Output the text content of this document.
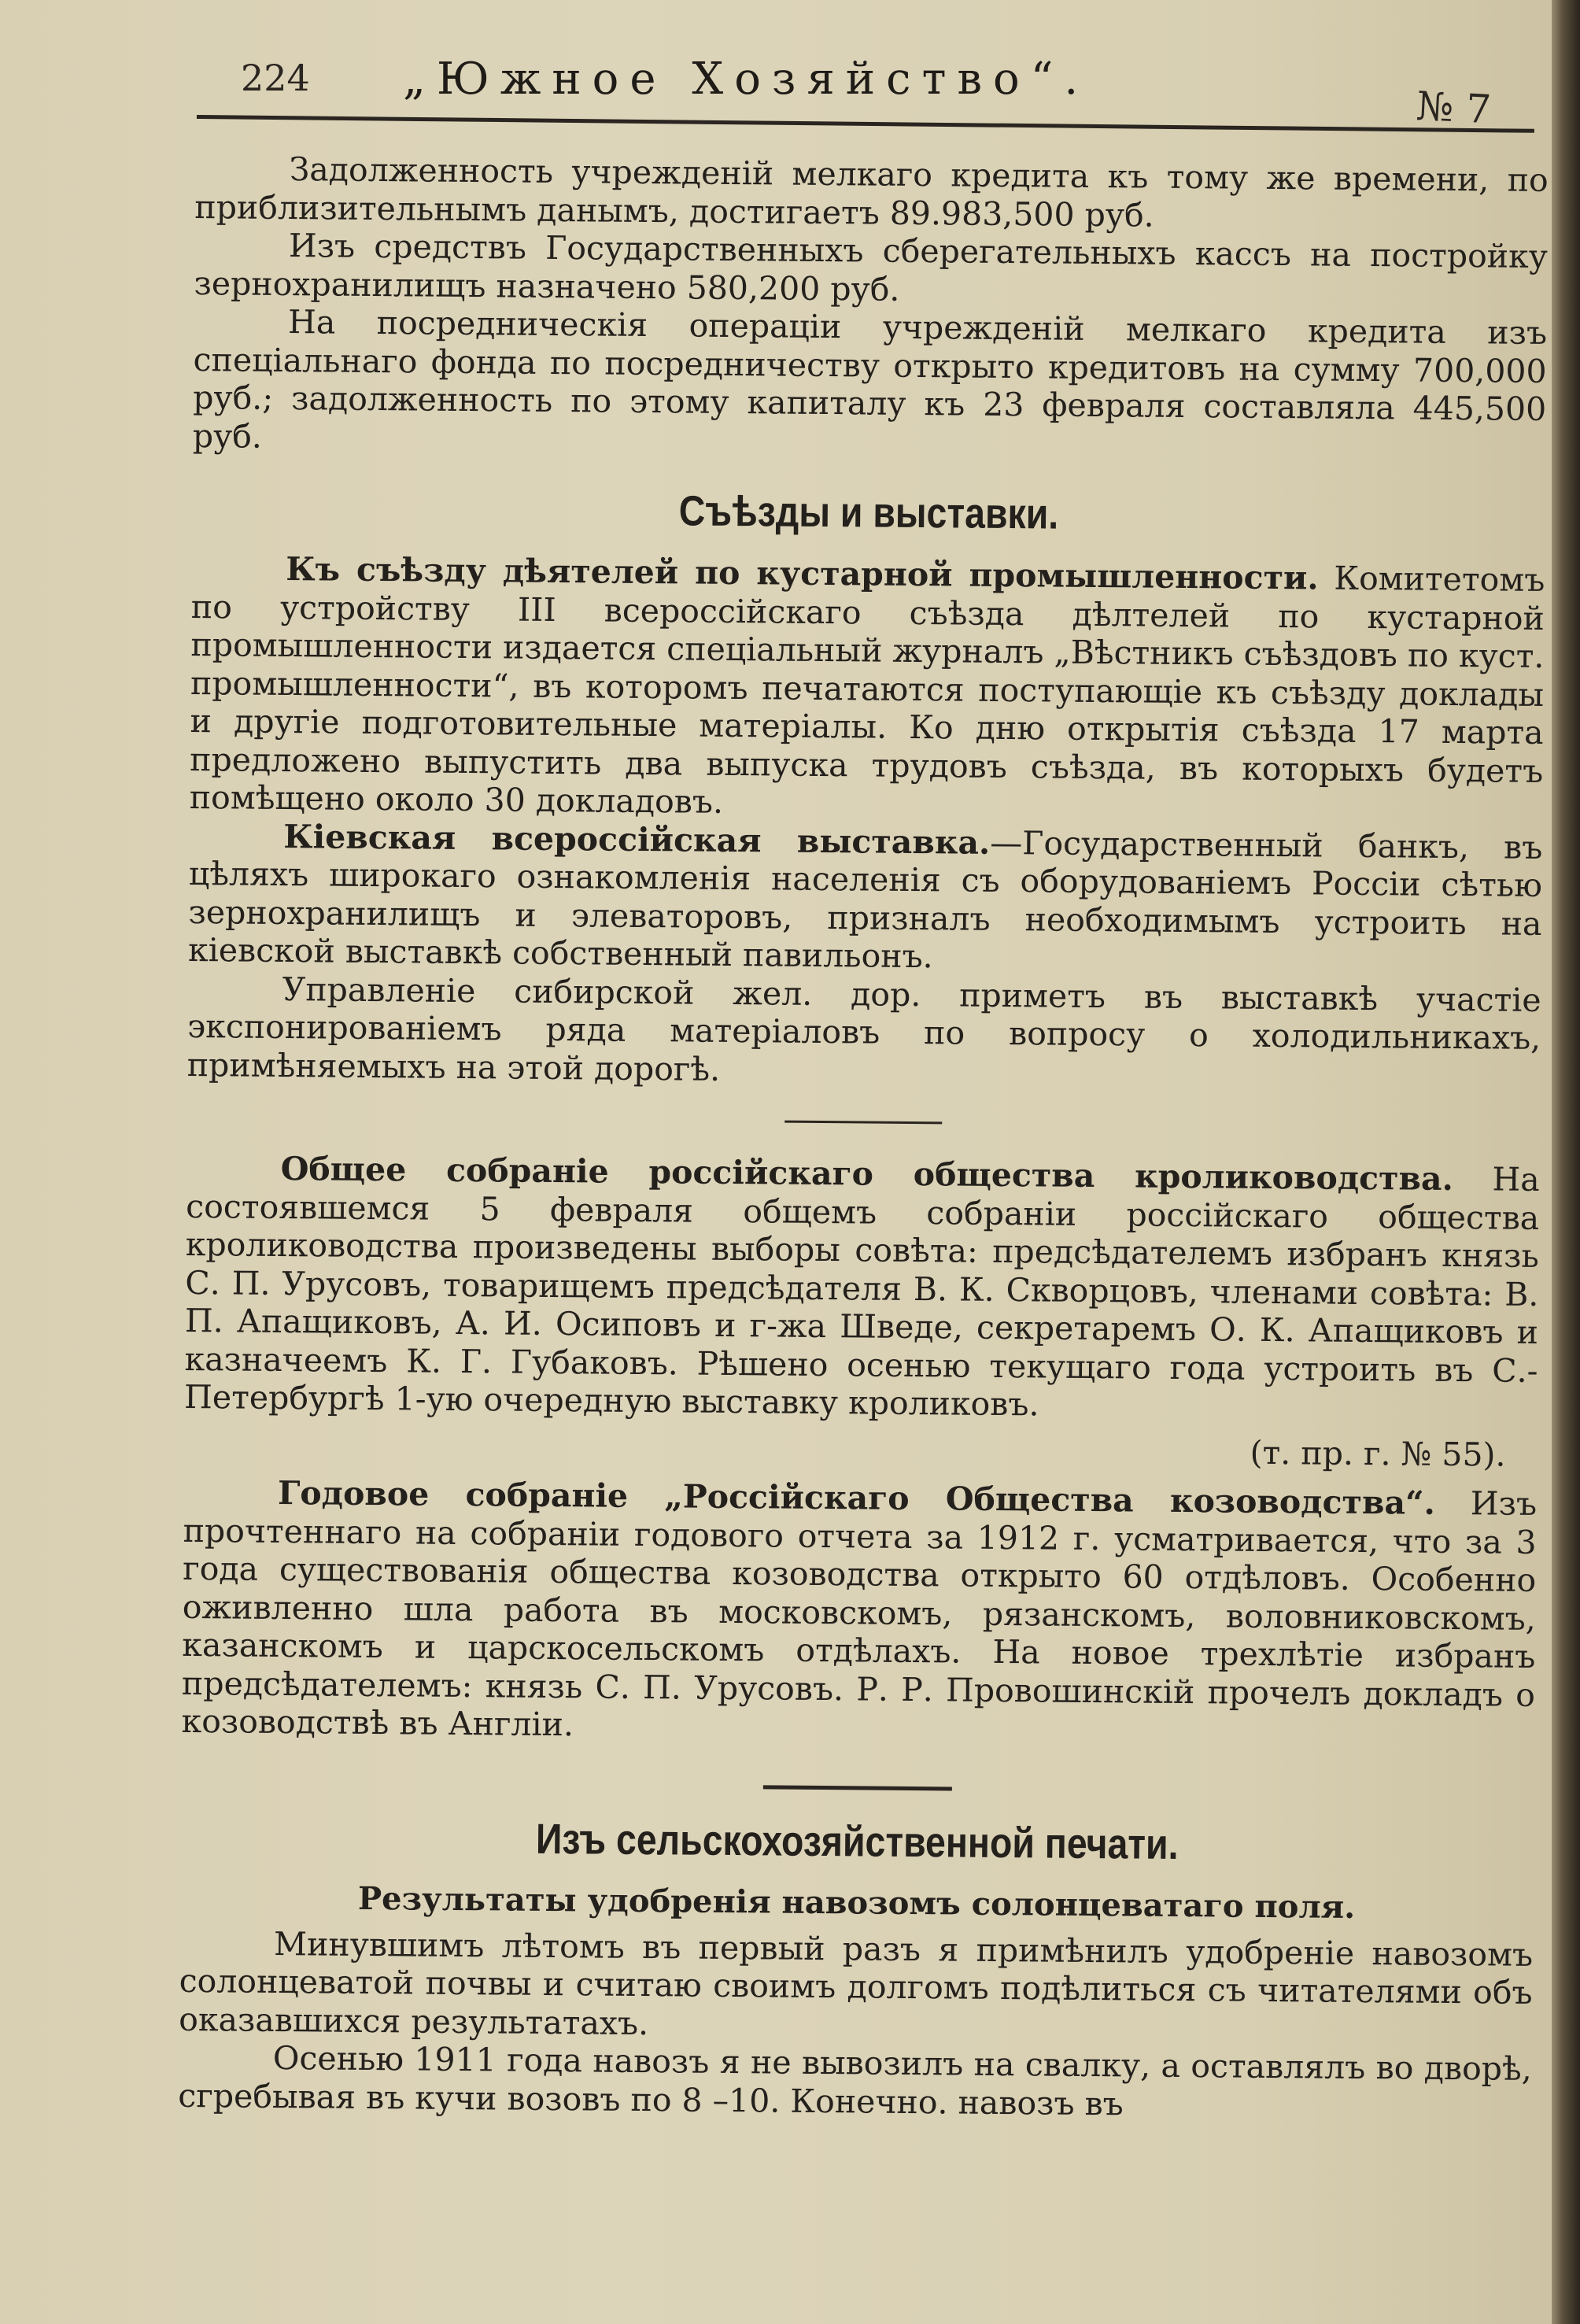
224 „Южное Хозяйство“.
№ 7

Задолженность учрежденій мелкаго кредита къ тому же времени, по приблизительнымъ данымъ, достигаетъ 89.983,500 руб.

Изъ средствъ Государственныхъ сберегательныхъ кассъ на постройку зернохранилищъ назначено 580,200 руб.

На посредническія операціи учрежденій мелкаго кредита изъ спеціальнаго фонда по посредничеству открыто кредитовъ на сумму 700,000 руб.; задолженность по этому капиталу къ 23 февраля составляла 445,500 руб.

Съѣзды и выставки.

Къ съѣзду дѣятелей по кустарной промышленности. Комитетомъ по устройству III всероссійскаго съѣзда дѣлтелей по кустарной промышленности издается спеціальный журналъ „Вѣстникъ съѣздовъ по куст. промышленности“, въ которомъ печатаются поступающіе къ съѣзду доклады и другіе подготовительные матеріалы. Ко дню открытія съѣзда 17 марта предложено выпустить два выпуска трудовъ съѣзда, въ которыхъ будетъ помѣщено около 30 докладовъ.

Кіевская всероссійская выставка.—Государственный банкъ, въ цѣляхъ широкаго ознакомленія населенія съ оборудованіемъ Россіи сѣтью зернохранилищъ и элеваторовъ, призналъ необходимымъ устроить на кіевской выставкѣ собственный павильонъ.

Управленіе сибирской жел. дор. приметъ въ выставкѣ участіе экспонированіемъ ряда матеріаловъ по вопросу о холодильникахъ, примѣняемыхъ на этой дорогѣ.

Общее собраніе россійскаго общества кролиководства. На состоявшемся 5 февраля общемъ собраніи россійскаго общества кролиководства произведены выборы совѣта: предсѣдателемъ избранъ князь С. П. Урусовъ, товарищемъ предсѣдателя В. К. Скворцовъ, членами совѣта: В. П. Апащиковъ, А. И. Осиповъ и г-жа Шведе, секретаремъ О. К. Апащиковъ и казначеемъ К. Г. Губаковъ. Рѣшено осенью текущаго года устроить въ С.-Петербургѣ 1-ую очередную выставку кроликовъ.

(т. пр. г. № 55).

Годовое собраніе „Россійскаго Общества козоводства“. Изъ прочтеннаго на собраніи годового отчета за 1912 г. усматривается, что за 3 года существованія общества козоводства открыто 60 отдѣловъ. Особенно оживленно шла работа въ московскомъ, рязанскомъ, воловниковскомъ, казанскомъ и царскосельскомъ отдѣлахъ. На новое трехлѣтіе избранъ предсѣдателемъ: князь С. П. Урусовъ. Р. Р. Провошинскій прочелъ докладъ о козоводствѣ въ Англіи.

Изъ сельскохозяйственной печати.
Результаты удобренія навозомъ солонцеватаго поля.

Минувшимъ лѣтомъ въ первый разъ я примѣнилъ удобреніе навозомъ солонцеватой почвы и считаю своимъ долгомъ подѣлиться съ читателями объ оказавшихся результатахъ.

Осенью 1911 года навозъ я не вывозилъ на свалку, а оставлялъ во дворѣ, сгребывая въ кучи возовъ по 8 –10. Конечно. навозъ въ
